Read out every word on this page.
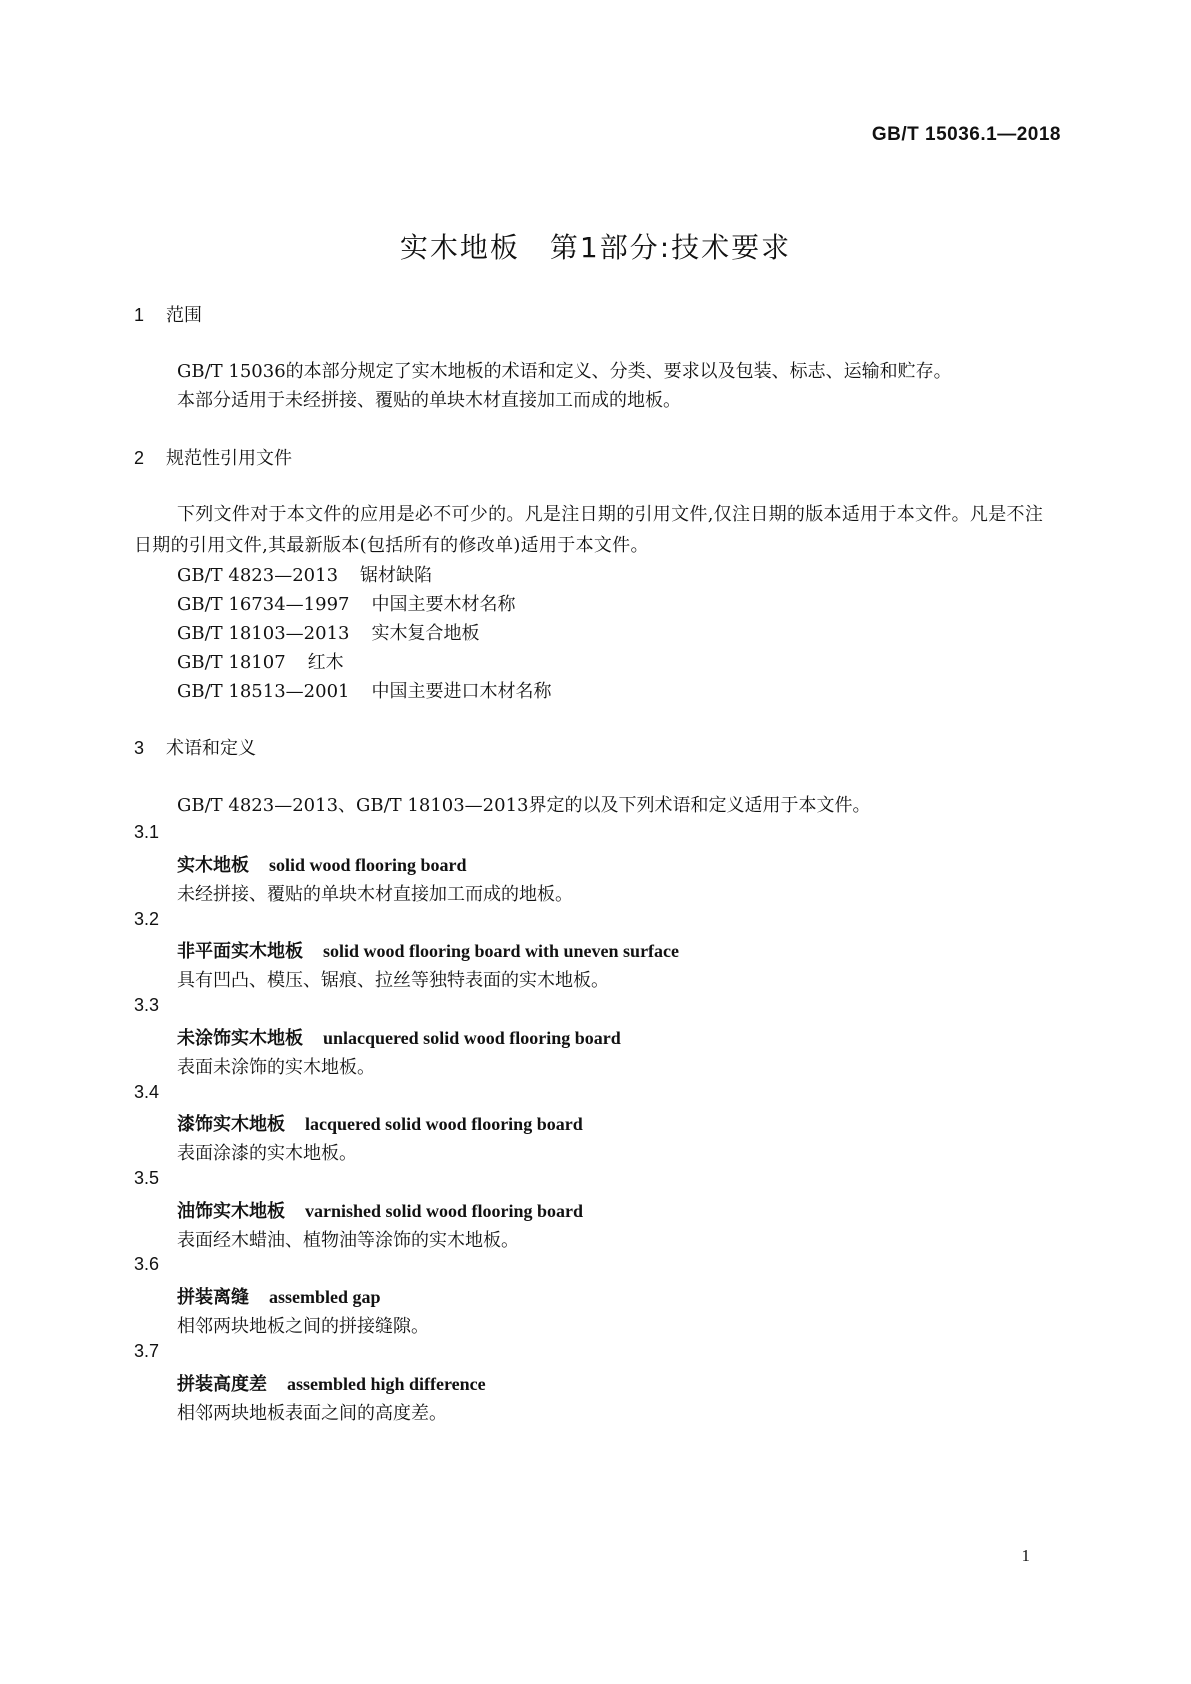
GB/T 15036.1—2018
实木地板　第1部分:技术要求
1 范围
GB/T 15036的本部分规定了实木地板的术语和定义、分类、要求以及包装、标志、运输和贮存。
本部分适用于未经拼接、覆贴的单块木材直接加工而成的地板。
2 规范性引用文件
下列文件对于本文件的应用是必不可少的。凡是注日期的引用文件,仅注日期的版本适用于本文件。凡是不注日期的引用文件,其最新版本(包括所有的修改单)适用于本文件。
GB/T 4823—2013 锯材缺陷
GB/T 16734—1997 中国主要木材名称
GB/T 18103—2013 实木复合地板
GB/T 18107 红木
GB/T 18513—2001 中国主要进口木材名称
3 术语和定义
GB/T 4823—2013、GB/T 18103—2013界定的以及下列术语和定义适用于本文件。
3.1
实木地板 solid wood flooring board
未经拼接、覆贴的单块木材直接加工而成的地板。
3.2
非平面实木地板 solid wood flooring board with uneven surface
具有凹凸、模压、锯痕、拉丝等独特表面的实木地板。
3.3
未涂饰实木地板 unlacquered solid wood flooring board
表面未涂饰的实木地板。
3.4
漆饰实木地板 lacquered solid wood flooring board
表面涂漆的实木地板。
3.5
油饰实木地板 varnished solid wood flooring board
表面经木蜡油、植物油等涂饰的实木地板。
3.6
拼装离缝 assembled gap
相邻两块地板之间的拼接缝隙。
3.7
拼装高度差 assembled high difference
相邻两块地板表面之间的高度差。
1
